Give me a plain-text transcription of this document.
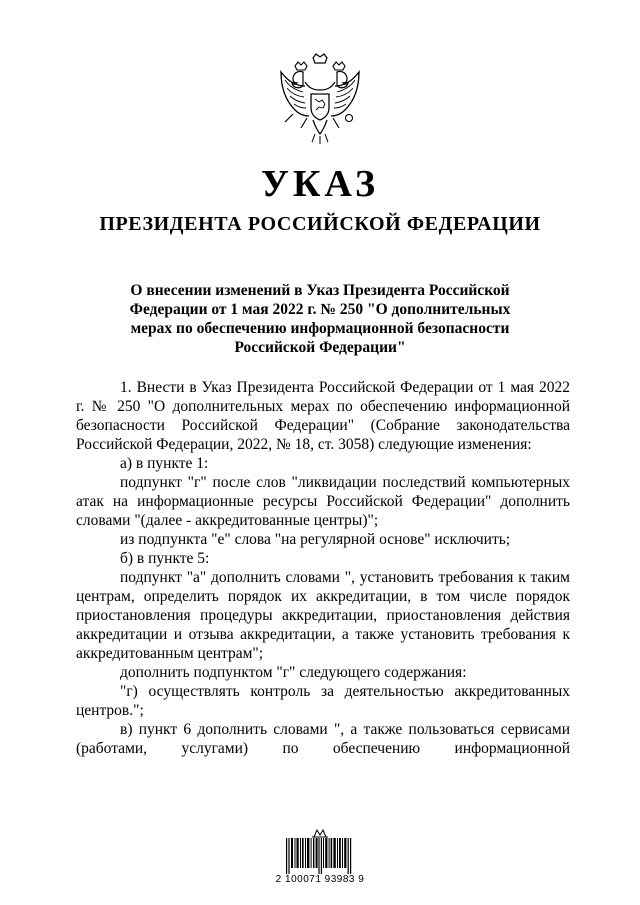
УКАЗ
ПРЕЗИДЕНТА РОССИЙСКОЙ ФЕДЕРАЦИИ
О внесении изменений в Указ Президента Российской
Федерации от 1 мая 2022 г. № 250 "О дополнительных
мерах по обеспечению информационной безопасности
Российской Федерации"

1. Внести в Указ Президента Российской Федерации от 1 мая 2022 г. № 250 "О дополнительных мерах по обеспечению информационной безопасности Российской Федерации" (Собрание законодательства Российской Федерации, 2022, № 18, ст. 3058) следующие изменения:

а) в пункте 1:

подпункт "г" после слов "ликвидации последствий компьютерных атак на информационные ресурсы Российской Федерации" дополнить словами "(далее - аккредитованные центры)";

из подпункта "е" слова "на регулярной основе" исключить;

б) в пункте 5:

подпункт "а" дополнить словами ", установить требования к таким центрам, определить порядок их аккредитации, в том числе порядок приостановления процедуры аккредитации, приостановления действия аккредитации и отзыва аккредитации, а также установить требования к аккредитованным центрам";

дополнить подпунктом "г" следующего содержания:

"г) осуществлять контроль за деятельностью аккредитованных центров.";

в) пункт 6 дополнить словами ", а также пользоваться сервисами (работами, услугами) по обеспечению информационной

2 100071 93983 9
